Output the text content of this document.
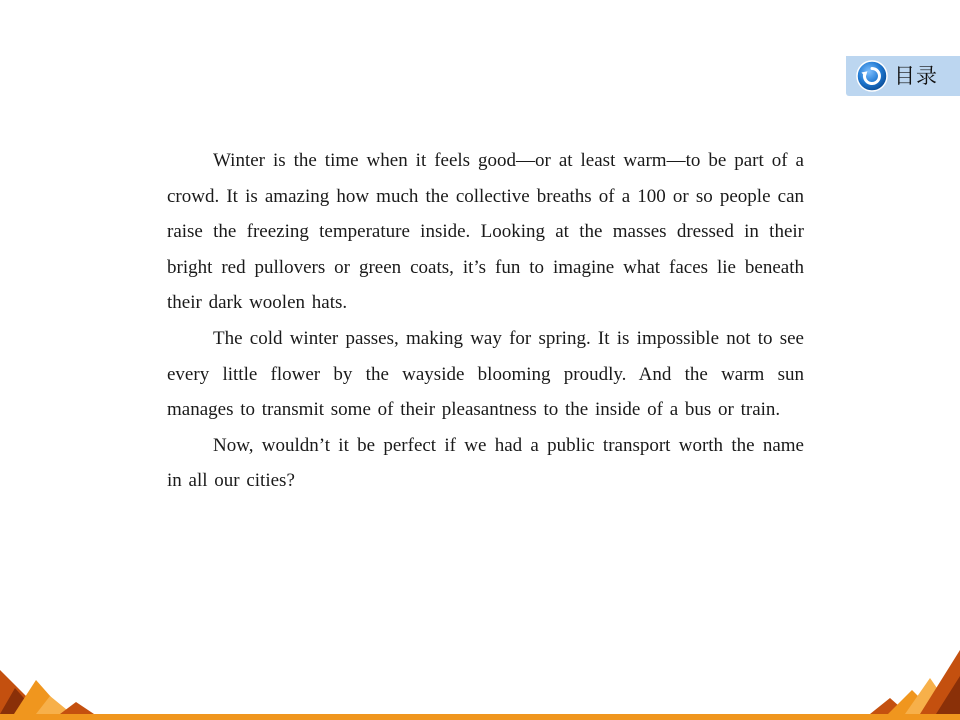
目录

Winter is the time when it feels good—or at least warm—to be part of a crowd. It is amazing how much the collective breaths of a 100 or so people can raise the freezing temperature inside. Looking at the masses dressed in their bright red pullovers or green coats, it’s fun to imagine what faces lie beneath their dark woolen hats.

The cold winter passes, making way for spring. It is impossible not to see every little flower by the wayside blooming proudly. And the warm sun manages to transmit some of their pleasantness to the inside of a bus or train.

Now, wouldn’t it be perfect if we had a public transport worth the name in all our cities?
